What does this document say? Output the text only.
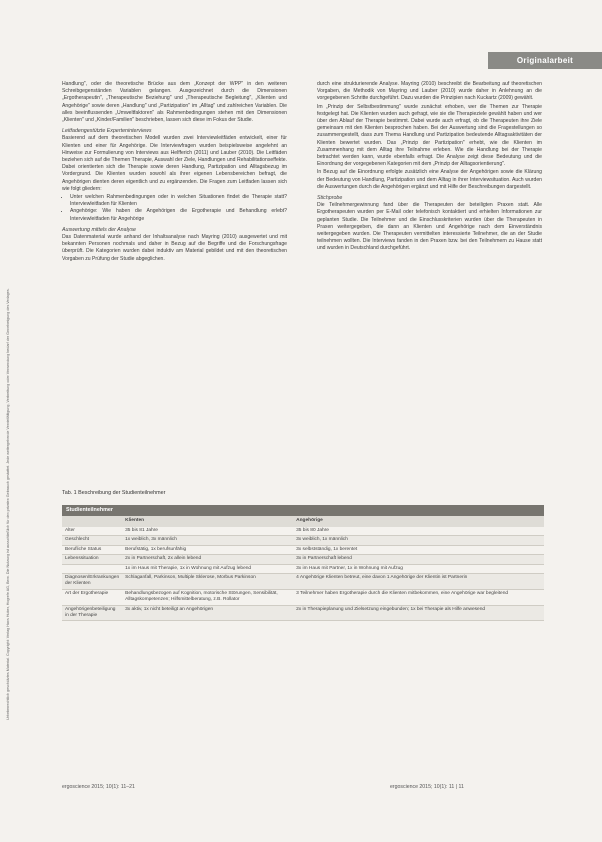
Originalarbeit
Urheberrechtlich geschütztes Material. Copyright: Verlag Hans Huber, Hogrefe AG, Bern. Die Nutzung ist ausschließlich für den privaten Gebrauch gestattet. Jede weitergehende Vervielfältigung, Verbreitung oder Verwendung bedarf der Genehmigung des Verlages.

Handlung", oder die theoretische Brücke aus dem „Konzept der WPP" in den weiteren Schreibgegenständen Variablen gelangen. Ausgezeichnet durch die Dimensionen „Ergotherapeutin", „Therapeutische Beziehung" und „Therapeutische Begleitung", „Klienten und Angehörige" sowie deren „Handlung" und „Partizipation" im „Alltag" und zahlreichen Variablen. Die alles beeinflussenden „Umweltfaktoren" als Rahmenbedingungen stehen mit den Dimensionen „Klienten" und „Kinder/Familien" beschrieben, lassen sich diese im Fokus der Studie.

Leitfadengestützte Experteninterviews

Basierend auf dem theoretischen Modell wurden zwei Interviewleitfäden entwickelt, einer für Klienten und einer für Angehörige. Die Interviewfragen wurden beispielsweise angelehnt an Hinweise zur Formulierung von Interviews aus Helfferich (2011) und Lauber (2010). Die Leitfäden beziehen sich auf die Themen Therapie, Auswahl der Ziele, Handlungen und Rehabilitationseffekte. Dabei orientierten sich die Therapie sowie deren Handlung, Partizipation und Alltagsbezug im Vordergrund. Die Klienten wurden sowohl als ihrer eigenen Lebensbereichen befragt, die Angehörigen dienten deren eigentlich und zu ergänzenden. Die Fragen zum Leitfaden lassen sich wie folgt gliedern:

• Unter welchen Rahmenbedingungen oder in welchen Situationen findet die Therapie statt? Interviewleitfaden für Klienten
• Angehörige: Wie haben die Angehörigen die Ergotherapie und Behandlung erlebt? Interviewleitfaden für Angehörige
Auswertung mittels der Analyse

Das Datenmaterial wurde anhand der Inhaltsanalyse nach Mayring (2010) ausgewertet und mit bekannten Personen nochmals und daher in Bezug auf die Begriffe und die Forschungsfrage überprüft. Die Kategorien wurden dabei induktiv am Material gebildet und mit den theoretischen Vorgaben zu Prüfung der Studie abgeglichen.

durch eine strukturierende Analyse. Mayring (2010) beschreibt die Bearbeitung auf theoretischen Vorgaben, die Methodik von Mayring und Lauber (2010) wurde daher in Anlehnung an die vorgegebenen Schritte durchgeführt. Dazu wurden die Prinzipien nach Kuckartz (2009) gewählt.

Im „Prinzip der Selbstbestimmung" wurde zunächst erhoben, wer die Themen zur Therapie festgelegt hat. Die Klienten wurden auch gefragt, wie sie die Therapieziele gewählt haben und wer über den Ablauf der Therapie bestimmt. Dabei wurde auch erfragt, ob die Therapeuten ihre Ziele gemeinsam mit den Klienten besprochen haben. Bei der Auswertung sind die Fragestellungen so zusammengestellt, dass zum Thema Handlung und Partizipation bedeutende Alltagsaktivitäten der Klienten bewertet wurden. Das „Prinzip der Partizipation" erhebt, wie die Klienten im Zusammenhang mit dem Alltag ihre Teilnahme erleben. Wie die Handlung bei der Therapie betrachtet werden kann, wurde ebenfalls erfragt. Die Analyse zeigt diese Bedeutung und die Einordnung der vorgegebenen Kategorien mit dem „Prinzip der Alltagsorientierung".

In Bezug auf die Einordnung erfolgte zusätzlich eine Analyse der Angehörigen sowie die Klärung der Bedeutung von Handlung, Partizipation und dem Alltag in ihrer Interviewsituation. Auch wurden die Auswertungen durch die Angehörigen ergänzt und mit Hilfe der Beschreibungen dargestellt.

Stichprobe

Die Teilnehmergewinnung fand über die Therapeuten der beteiligten Praxen statt. Alle Ergotherapeuten wurden per E-Mail oder telefonisch kontaktiert und erhielten Informationen zur geplanten Studie. Die Teilnehmer und die Einschlusskriterien wurden über die Therapeuten in Praxen weitergegeben, die dann an Klienten und Angehörige nach dem Einverständnis weitergegeben wurden. Die Therapeuten vermittelten interessierte Teilnehmer, die an der Studie teilnehmen wollten. Die Interviews fanden in den Praxen bzw. bei den Teilnehmern zu Hause statt und wurden in Deutschland durchgeführt.

Tab. 1 Beschreibung der Studienteilnehmer
Studienteilnehmer
	Klienten	Angehörige
Alter	35 bis 81 Jahre	35 bis 80 Jahre
Geschlecht	1x weiblich, 3x männlich	3x weiblich, 1x männlich
Berufliche Status	Berufstätig, 1x berufsunfähig	3x selbstständig, 1x berentet
Lebenssituation	2x in Partnerschaft, 2x allein lebend	3x in Partnerschaft lebend
	1x im Haus mit Therapie, 1x in Wohnung mit Aufzug lebend	3x im Haus mit Partner, 1x in Wohnung mit Aufzug
Diagnosen/Erkrankungen der Klienten	Schlaganfall, Parkinson, Multiple Sklerose, Morbus Parkinson	4 Angehörige Klienten betreut, eine davon 1 Angehörige der Klientin ist Partnerin
Art der Ergotherapie	Behandlungsbezogen auf Kognition, motorische Störungen, Sensibilität, Alltagskompetenzen; Hilfsmittelberatung, z.B. Rollator	3 Teilnehmer haben Ergotherapie durch die Klienten mitbekommen, eine Angehörige war begleitend
Angehörigenbeteiligung in der Therapie	3x aktiv, 1x nicht beteiligt an Angehörigen	2x in Therapieplanung und Zielsetzung eingebunden; 1x bei Therapie als Hilfe anwesend
ergoscience 2015; 10(1): 11–21	ergoscience 2015; 10(1): 11 | 11
